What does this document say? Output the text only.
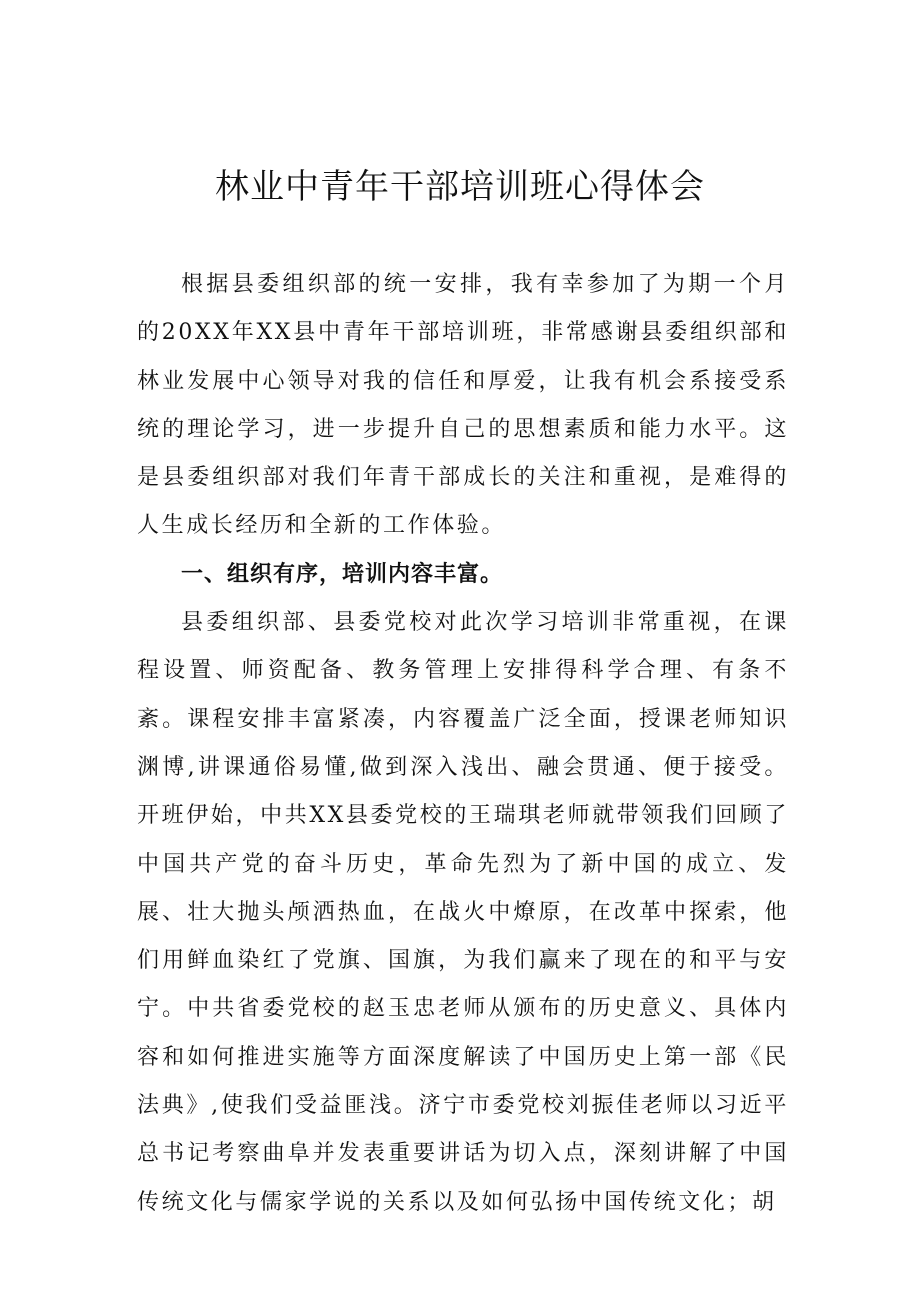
林业中青年干部培训班心得体会

根据县委组织部的统一安排，我有幸参加了为期一个月的20XX年XX县中青年干部培训班，非常感谢县委组织部和林业发展中心领导对我的信任和厚爱，让我有机会系接受系统的理论学习，进一步提升自己的思想素质和能力水平。这是县委组织部对我们年青干部成长的关注和重视，是难得的人生成长经历和全新的工作体验。

一、组织有序，培训内容丰富。

县委组织部、县委党校对此次学习培训非常重视，在课程设置、师资配备、教务管理上安排得科学合理、有条不紊。课程安排丰富紧凑，内容覆盖广泛全面，授课老师知识渊博,讲课通俗易懂,做到深入浅出、融会贯通、便于接受。开班伊始，中共XX县委党校的王瑞琪老师就带领我们回顾了中国共产党的奋斗历史，革命先烈为了新中国的成立、发展、壮大抛头颅洒热血，在战火中燎原，在改革中探索，他们用鲜血染红了党旗、国旗，为我们赢来了现在的和平与安宁。中共省委党校的赵玉忠老师从颁布的历史意义、具体内容和如何推进实施等方面深度解读了中国历史上第一部《民法典》,使我们受益匪浅。济宁市委党校刘振佳老师以习近平总书记考察曲阜并发表重要讲话为切入点，深刻讲解了中国传统文化与儒家学说的关系以及如何弘扬中国传统文化；胡
